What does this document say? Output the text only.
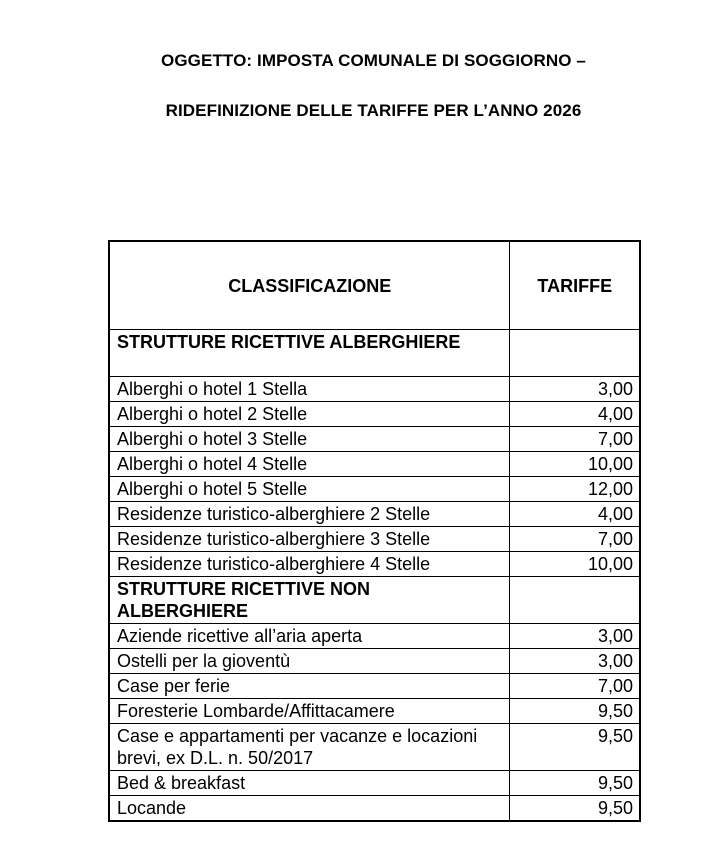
OGGETTO: IMPOSTA COMUNALE DI SOGGIORNO –
RIDEFINIZIONE DELLE TARIFFE PER L’ANNO 2026
CLASSIFICAZIONE	TARIFFE
STRUTTURE RICETTIVE ALBERGHIERE	
Alberghi o hotel 1 Stella	3,00
Alberghi o hotel 2 Stelle	4,00
Alberghi o hotel 3 Stelle	7,00
Alberghi o hotel 4 Stelle	10,00
Alberghi o hotel 5 Stelle	12,00
Residenze turistico-alberghiere 2 Stelle	4,00
Residenze turistico-alberghiere 3 Stelle	7,00
Residenze turistico-alberghiere 4 Stelle	10,00
STRUTTURE RICETTIVE NON ALBERGHIERE	
Aziende ricettive all’aria aperta	3,00
Ostelli per la gioventù	3,00
Case per ferie	7,00
Foresterie Lombarde/Affittacamere	9,50
Case e appartamenti per vacanze e locazioni brevi, ex D.L. n. 50/2017	9,50
Bed & breakfast	9,50
Locande	9,50
